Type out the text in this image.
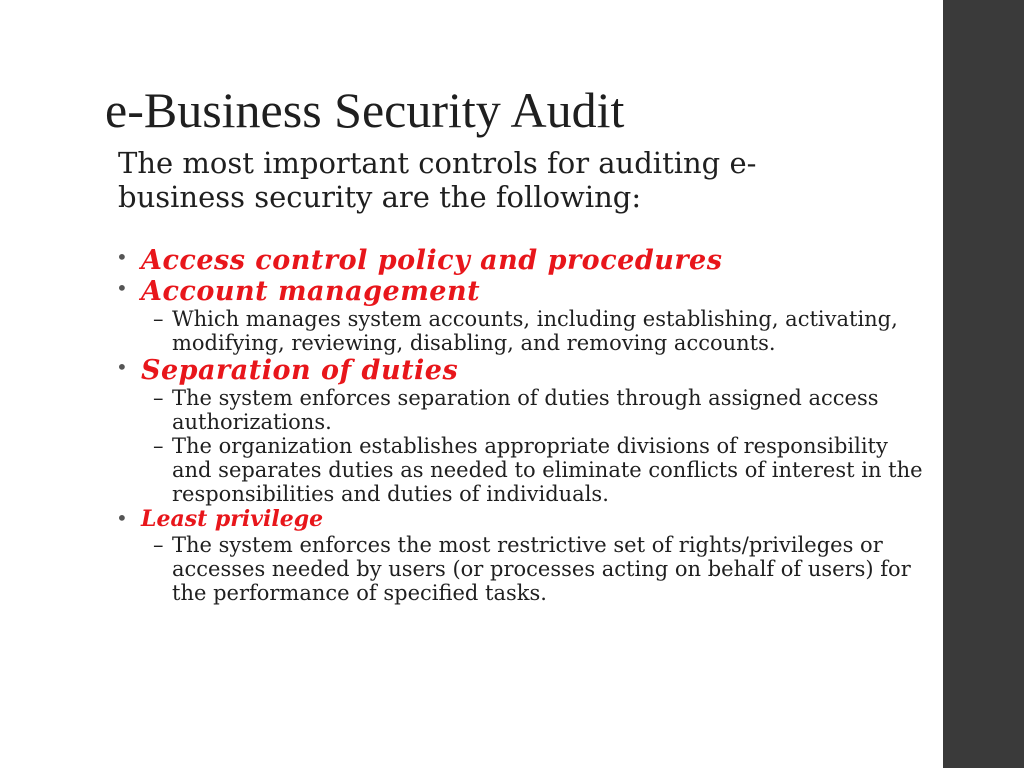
e-Business Security Audit
The most important controls for auditing e-business security are the following:
• Access control policy and procedures
• Account management
– Which manages system accounts, including establishing, activating, modifying, reviewing, disabling, and removing accounts.
• Separation of duties
– The system enforces separation of duties through assigned access authorizations.
– The organization establishes appropriate divisions of responsibility and separates duties as needed to eliminate conflicts of interest in the responsibilities and duties of individuals.
• Least privilege
– The system enforces the most restrictive set of rights/privileges or accesses needed by users (or processes acting on behalf of users) for the performance of specified tasks.
